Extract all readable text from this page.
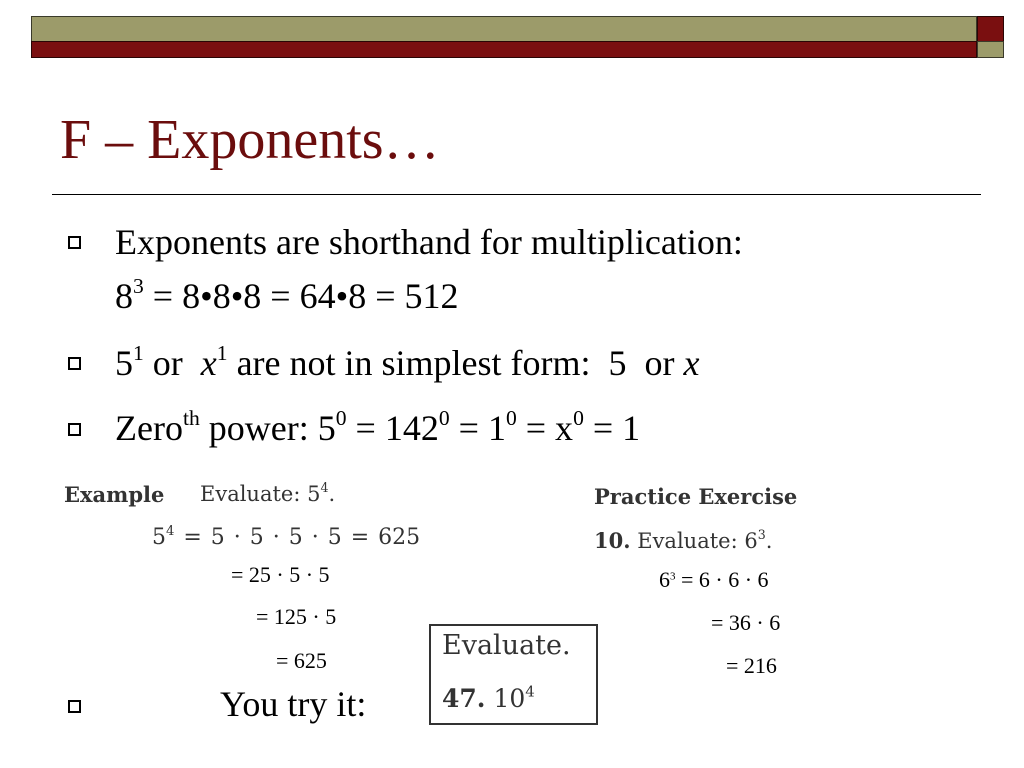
F – Exponents…
Exponents are shorthand for multiplication:
$8^3$ = 8•8•8 = 64•8 = 512
$5^1$ or  $x^1$ are not in simplest form:  5  or x
Zero$^{th}$ power: $5^0 = 142^0 = 1^0 = x^0 = 1$
Example Evaluate: $5^4$.
$5^4 = 5 \cdot 5 \cdot 5 \cdot 5 = 625$
= 25 · 5 · 5
= 125 · 5
= 625
Practice Exercise
10. Evaluate: $6^3$.
$6^3 = 6 \cdot 6 \cdot 6$
= 36 · 6
= 216
You try it:
Evaluate.
47. $10^4$
